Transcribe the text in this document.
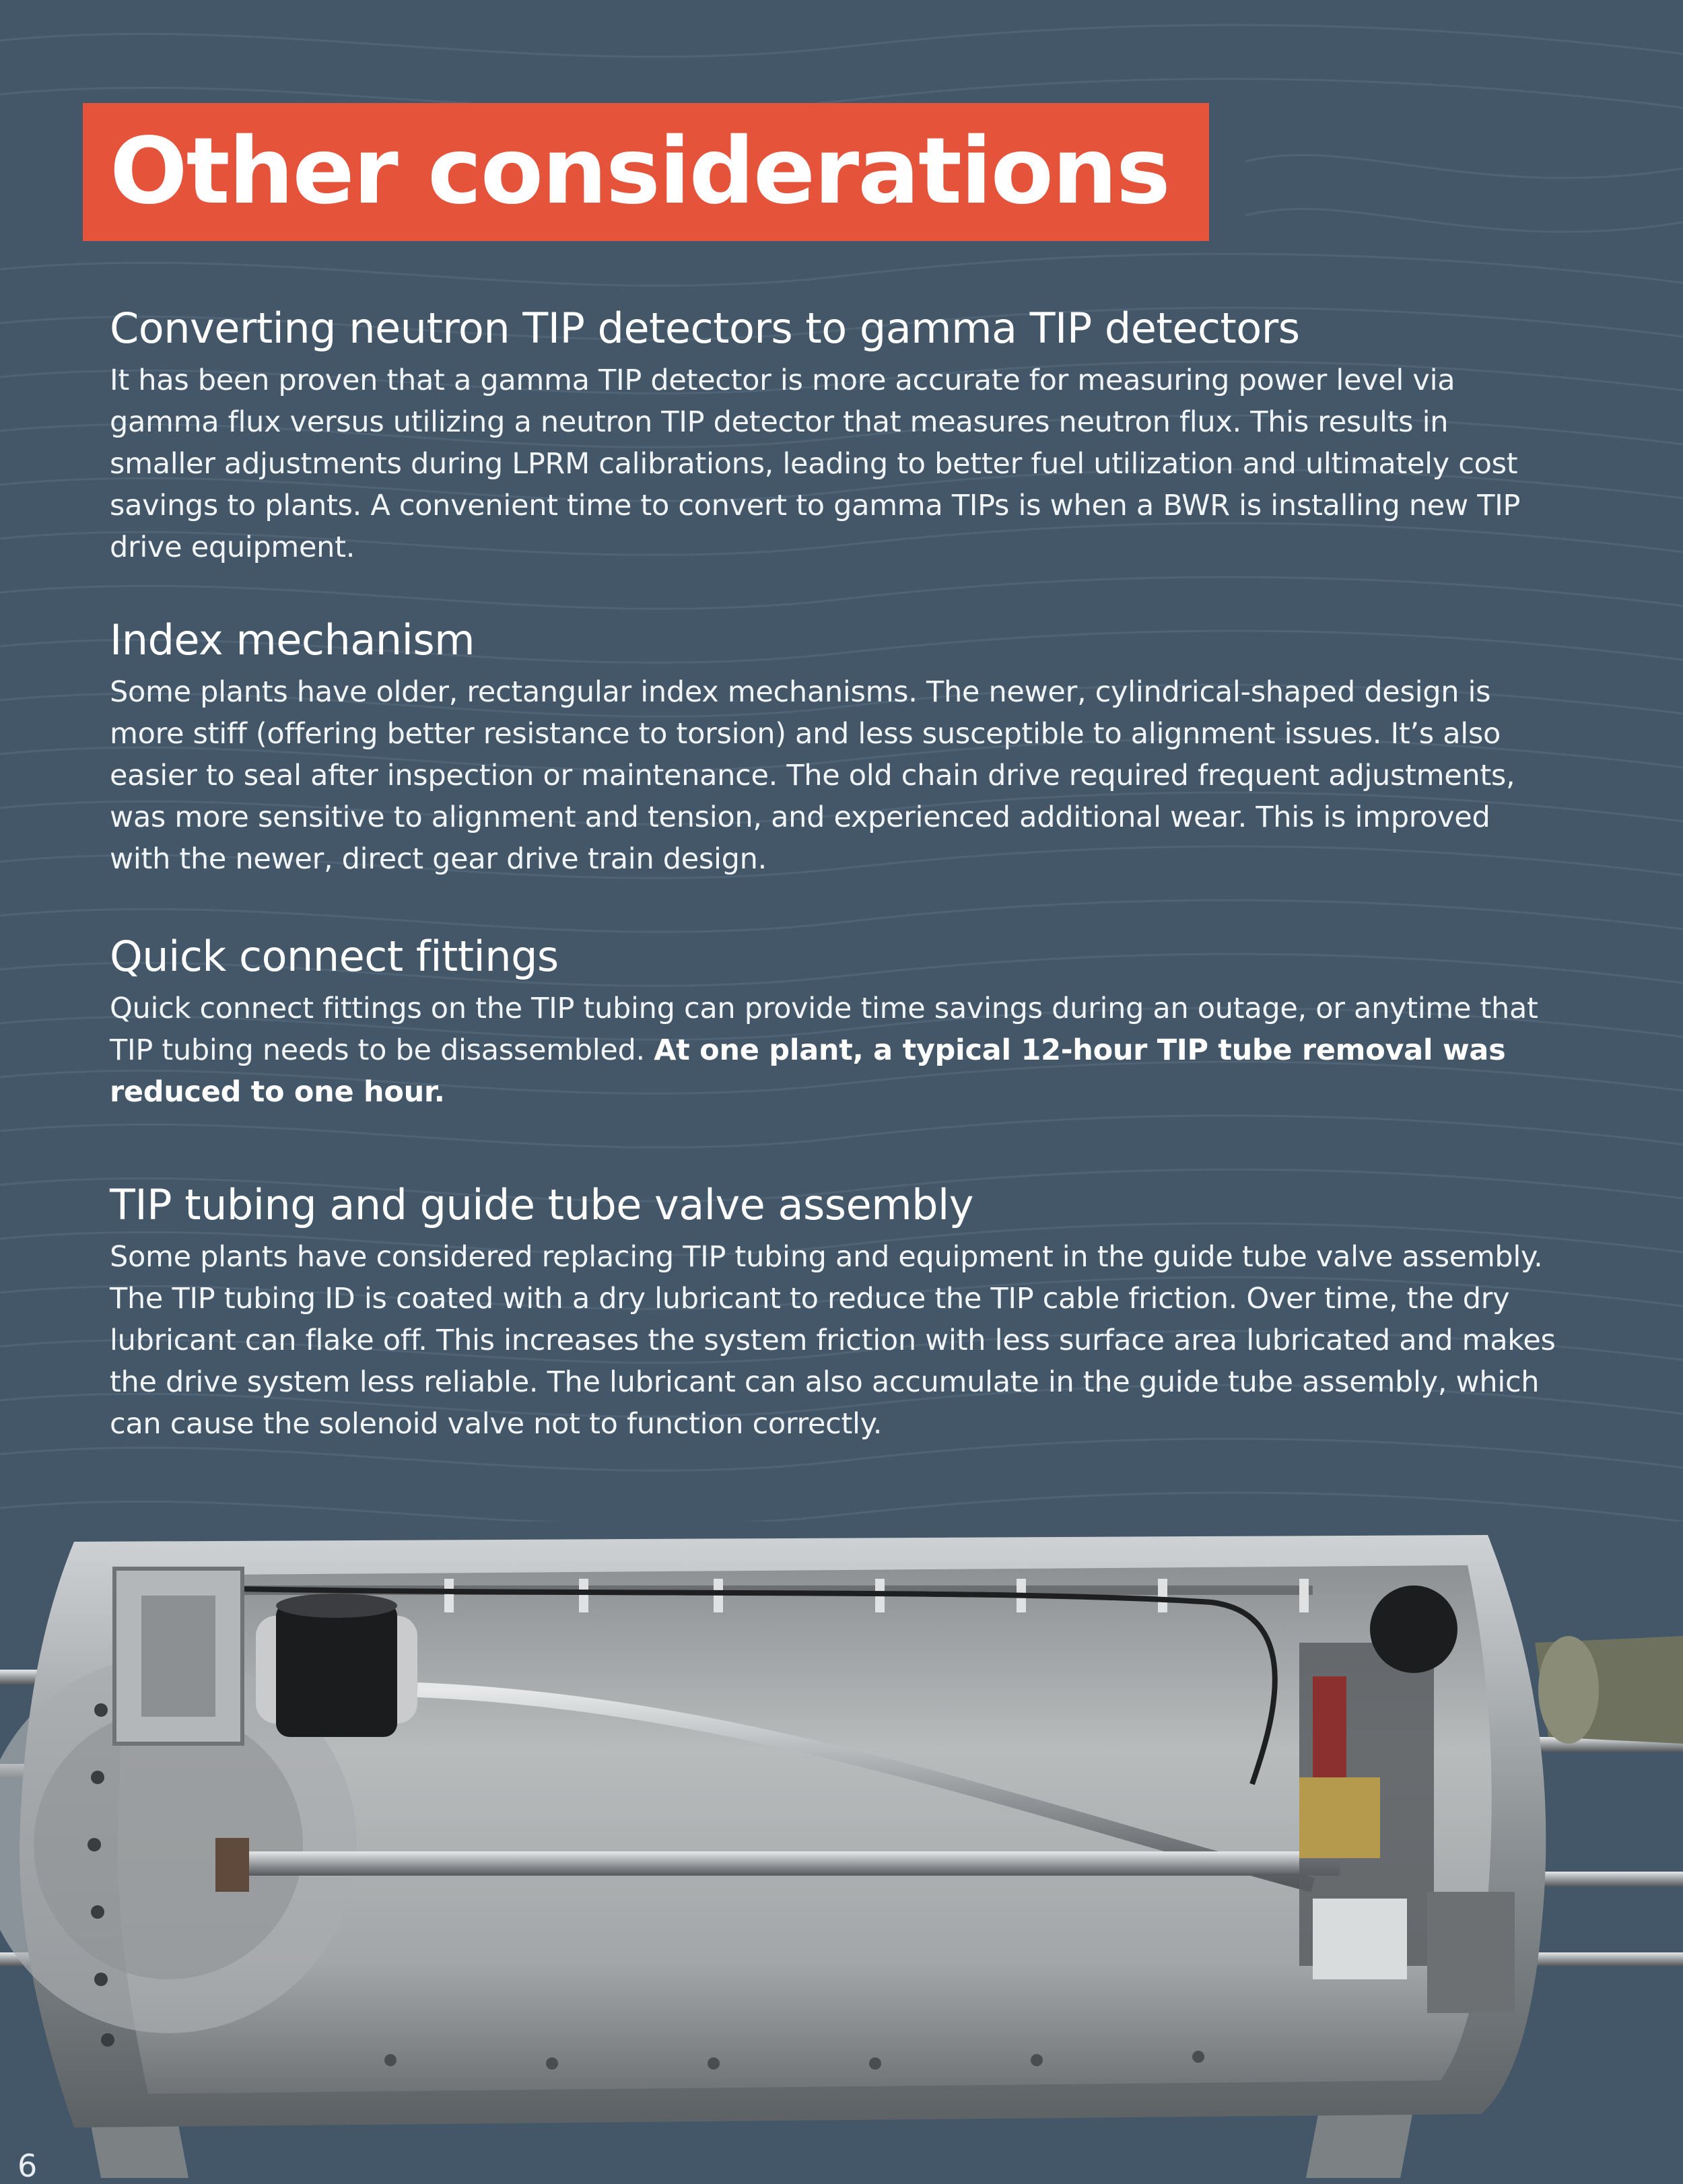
Other considerations
Converting neutron TIP detectors to gamma TIP detectors

It has been proven that a gamma TIP detector is more accurate for measuring power level via gamma flux versus utilizing a neutron TIP detector that measures neutron flux. This results in smaller adjustments during LPRM calibrations, leading to better fuel utilization and ultimately cost savings to plants. A convenient time to convert to gamma TIPs is when a BWR is installing new TIP drive equipment.

Index mechanism

Some plants have older, rectangular index mechanisms. The newer, cylindrical-shaped design is more stiff (offering better resistance to torsion) and less susceptible to alignment issues. It’s also easier to seal after inspection or maintenance. The old chain drive required frequent adjustments, was more sensitive to alignment and tension, and experienced additional wear. This is improved with the newer, direct gear drive train design.

Quick connect fittings

Quick connect fittings on the TIP tubing can provide time savings during an outage, or anytime that TIP tubing needs to be disassembled. At one plant, a typical 12-hour TIP tube removal was reduced to one hour.

TIP tubing and guide tube valve assembly

Some plants have considered replacing TIP tubing and equipment in the guide tube valve assembly. The TIP tubing ID is coated with a dry lubricant to reduce the TIP cable friction. Over time, the dry lubricant can flake off. This increases the system friction with less surface area lubricated and makes the drive system less reliable. The lubricant can also accumulate in the guide tube assembly, which can cause the solenoid valve not to function correctly.

6
